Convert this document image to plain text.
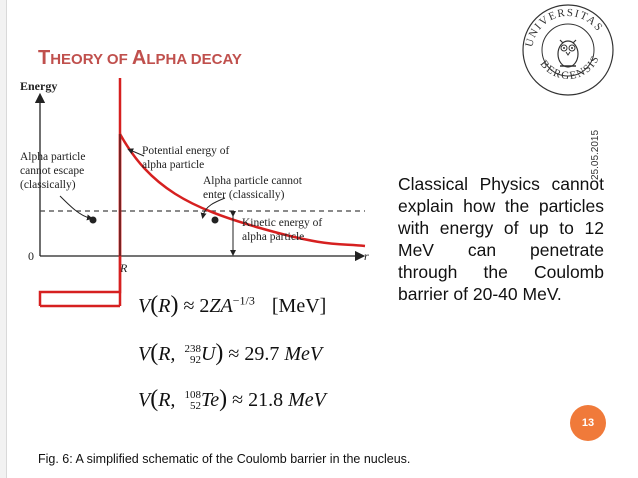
THEORY OF ALPHA DECAY
25.05.2015
UNIVERSITAS
BERGENSIS
Energy
r
0
R
Alpha particle cannot escape (classically)
Potential energy of alpha particle
Alpha particle cannot enter (classically)
Kinetic energy of alpha particle
$V(R) \approx 2ZA^{-1/3}$ [MeV]
V(R, 238
92 U) ≈ 29.7 MeV
V(R, 108
52 Te) ≈ 21.8 MeV
Classical Physics cannot explain how the particles with energy of up to 12 MeV can penetrate through the Coulomb barrier of 20-40 MeV.
13
Fig. 6: A simplified schematic of the Coulomb barrier in the nucleus.
